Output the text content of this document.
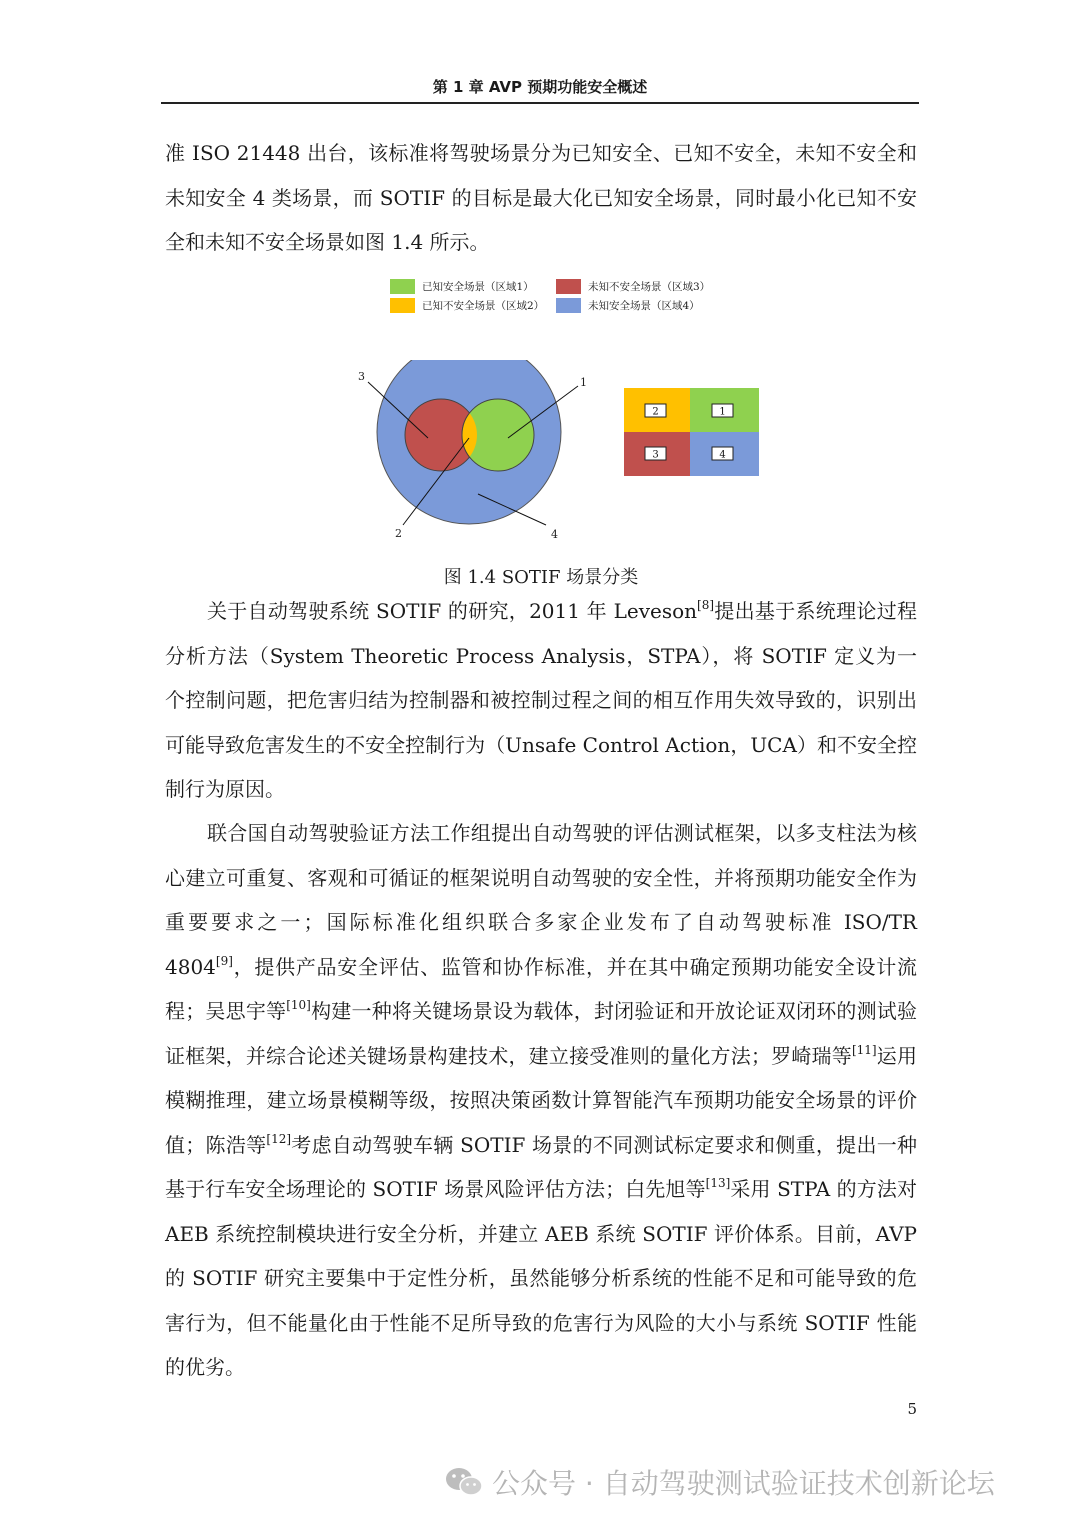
第 1 章 AVP 预期功能安全概述

准 ISO 21448 出台，该标准将驾驶场景分为已知安全、已知不安全，未知不安全和未知安全 4 类场景，而 SOTIF 的目标是最大化已知安全场景，同时最小化已知不安全和未知不安全场景如图 1.4 所示。

已知安全场景（区域1）
已知不安全场景（区域2）
未知不安全场景（区域3）
未知安全场景（区域4）
3	1
2	4
2	1
3	4
图 1.4 SOTIF 场景分类

关于自动驾驶系统 SOTIF 的研究，2011 年 Leveson[8]提出基于系统理论过程分析方法（System Theoretic Process Analysis，STPA），将 SOTIF 定义为一个控制问题，把危害归结为控制器和被控制过程之间的相互作用失效导致的，识别出可能导致危害发生的不安全控制行为（Unsafe Control Action，UCA）和不安全控制行为原因。

联合国自动驾驶验证方法工作组提出自动驾驶的评估测试框架，以多支柱法为核心建立可重复、客观和可循证的框架说明自动驾驶的安全性，并将预期功能安全作为重要要求之一；国际标准化组织联合多家企业发布了自动驾驶标准 ISO/TR 4804[9]，提供产品安全评估、监管和协作标准，并在其中确定预期功能安全设计流程；吴思宇等[10]构建一种将关键场景设为载体，封闭验证和开放论证双闭环的测试验证框架，并综合论述关键场景构建技术，建立接受准则的量化方法；罗崎瑞等[11]运用模糊推理，建立场景模糊等级，按照决策函数计算智能汽车预期功能安全场景的评价值；陈浩等[12]考虑自动驾驶车辆 SOTIF 场景的不同测试标定要求和侧重，提出一种基于行车安全场理论的 SOTIF 场景风险评估方法；白先旭等[13]采用 STPA 的方法对 AEB 系统控制模块进行安全分析，并建立 AEB 系统 SOTIF 评价体系。目前，AVP 的 SOTIF 研究主要集中于定性分析，虽然能够分析系统的性能不足和可能导致的危害行为，但不能量化由于性能不足所导致的危害行为风险的大小与系统 SOTIF 性能的优劣。

5
公众号 · 自动驾驶测试验证技术创新论坛
